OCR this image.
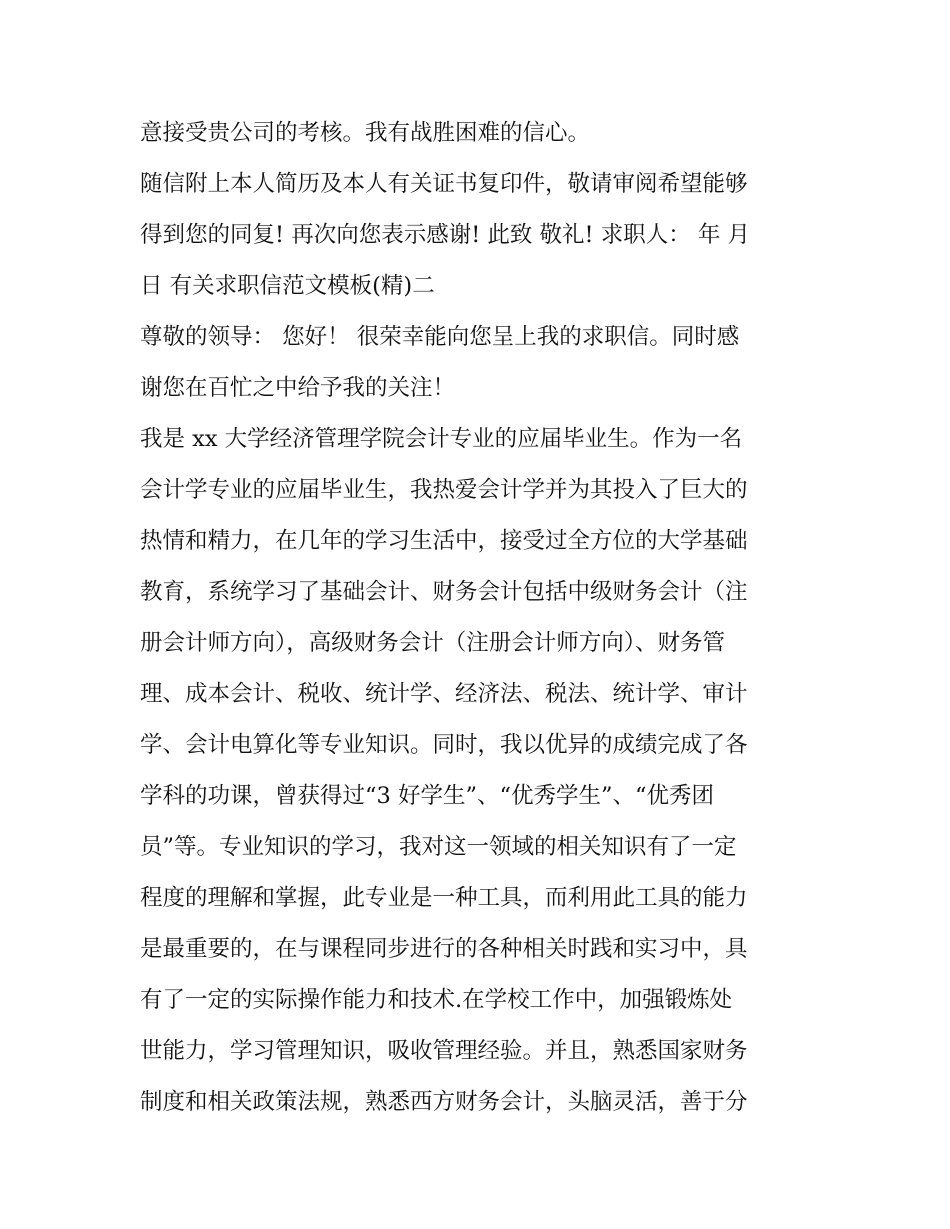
意接受贵公司的考核。我有战胜困难的信心。
随信附上本人简历及本人有关证书复印件，敬请审阅希望能够
得到您的同复! 再次向您表示感谢! 此致 敬礼! 求职人： 年 月
日 有关求职信范文模板(精)二
尊敬的领导： 您好！ 很荣幸能向您呈上我的求职信。同时感
谢您在百忙之中给予我的关注！
我是 xx 大学经济管理学院会计专业的应届毕业生。作为一名
会计学专业的应届毕业生，我热爱会计学并为其投入了巨大的
热情和精力，在几年的学习生活中，接受过全方位的大学基础
教育，系统学习了基础会计、财务会计包括中级财务会计（注
册会计师方向），高级财务会计（注册会计师方向）、财务管
理、成本会计、税收、统计学、经济法、税法、统计学、审计
学、会计电算化等专业知识。同时，我以优异的成绩完成了各
学科的功课，曾获得过“3 好学生”、“优秀学生”、“优秀团
员”等。专业知识的学习，我对这一领域的相关知识有了一定
程度的理解和掌握，此专业是一种工具，而利用此工具的能力
是最重要的，在与课程同步进行的各种相关时践和实习中，具
有了一定的实际操作能力和技术.在学校工作中，加强锻炼处
世能力，学习管理知识，吸收管理经验。并且，熟悉国家财务
制度和相关政策法规，熟悉西方财务会计，头脑灵活，善于分
